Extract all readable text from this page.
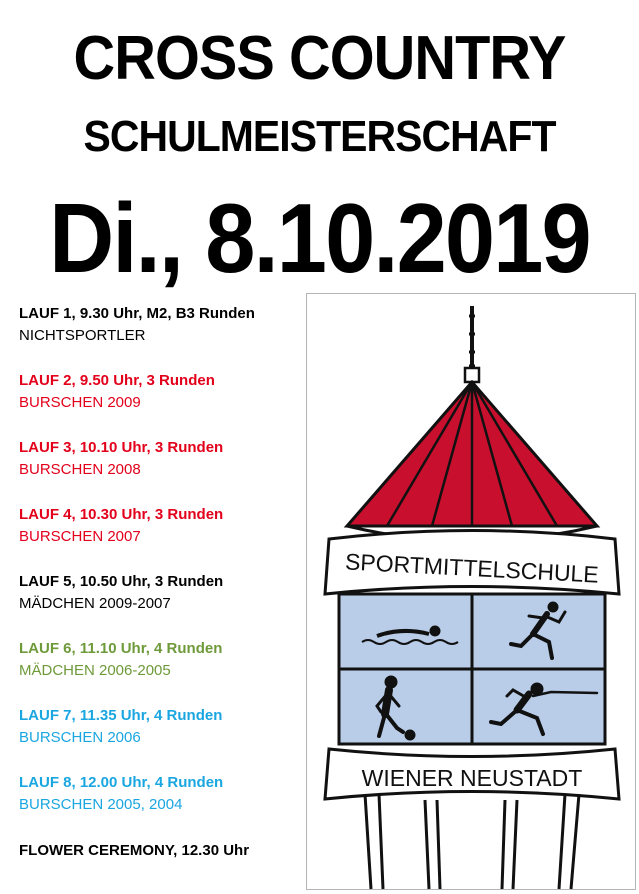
CROSS COUNTRY
SCHULMEISTERSCHAFT
Di., 8.10.2019
LAUF 1, 9.30 Uhr, M2, B3 Runden
NICHTSPORTLER
LAUF 2, 9.50 Uhr, 3 Runden
BURSCHEN 2009
LAUF 3, 10.10 Uhr, 3 Runden
BURSCHEN 2008
LAUF 4, 10.30 Uhr, 3 Runden
BURSCHEN 2007
LAUF 5, 10.50 Uhr, 3 Runden
MÄDCHEN 2009-2007
LAUF 6, 11.10 Uhr, 4 Runden
MÄDCHEN 2006-2005
LAUF 7, 11.35 Uhr, 4 Runden
BURSCHEN 2006
LAUF 8, 12.00 Uhr, 4 Runden
BURSCHEN 2005, 2004
FLOWER CEREMONY, 12.30 Uhr
SPORTMITTELSCHULE
WIENER NEUSTADT
